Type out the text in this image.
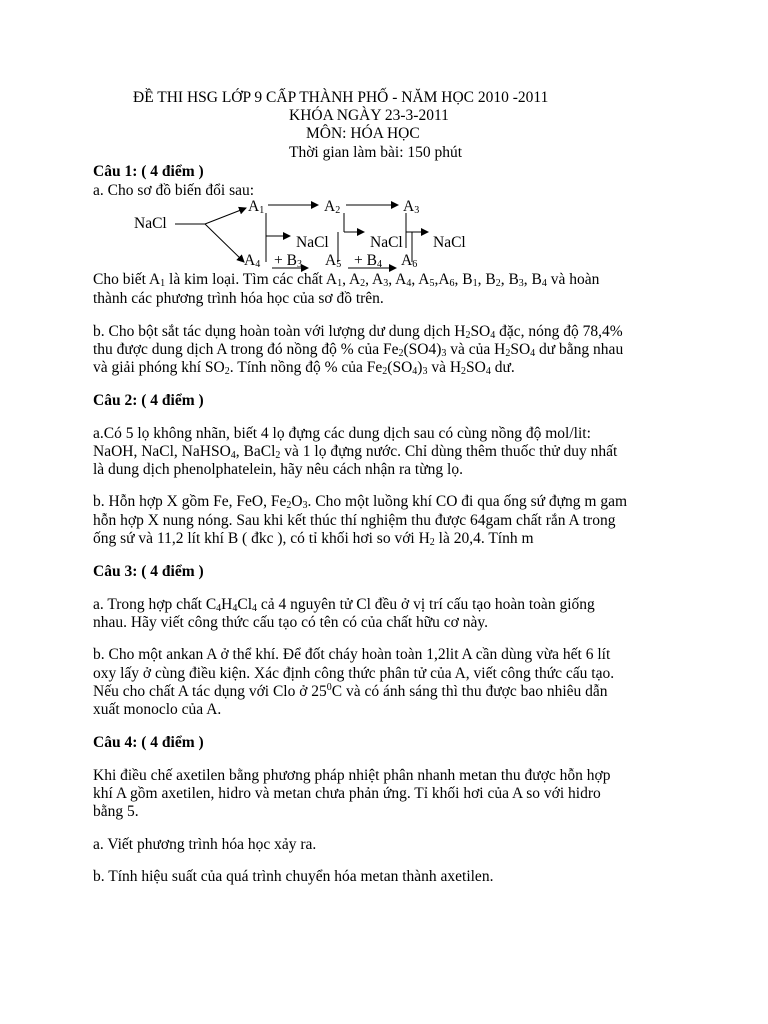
ĐỀ THI HSG LỚP 9 CẤP THÀNH PHỐ - NĂM HỌC 2010 -2011
KHÓA NGÀY 23-3-2011
MÔN: HÓA HỌC
Thời gian làm bài: 150 phút
Câu 1: ( 4 điểm )
a. Cho sơ đồ biến đổi sau:
NaCl
$A_1$	$A_2$	$A_3$
NaCl	NaCl NaCl
$A_4 + B_3$ $A_5 + B_4$ $A_6$
Cho biết $A_1$ là kim loại. Tìm các chất $A_1$, $A_2$, $A_3$, $A_4$, $A_5,A_6$, $B_1$, $B_2$, $B_3$, $B_4$ và hoàn
thành các phương trình hóa học của sơ đồ trên.
b. Cho bột sắt tác dụng hoàn toàn với lượng dư dung dịch $H_2SO_4$ đặc, nóng độ 78,4%
thu được dung dịch A trong đó nồng độ % của $Fe_2(SO4)_3$ và của $H_2SO_4$ dư bằng nhau
và giải phóng khí $SO_2$. Tính nồng độ % của $Fe_2(SO_4)_3$ và $H_2SO_4$ dư.
Câu 2: ( 4 điểm )
a.Có 5 lọ không nhãn, biết 4 lọ đựng các dung dịch sau có cùng nồng độ mol/lit:
NaOH, NaCl, NaHSO$_4$, BaCl$_2$ và 1 lọ đựng nước. Chỉ dùng thêm thuốc thử duy nhất
là dung dịch phenolphatelein, hãy nêu cách nhận ra từng lọ.
b. Hỗn hợp X gồm Fe, FeO, $Fe_2O_3$. Cho một luồng khí CO đi qua ống sứ đựng m gam
hỗn hợp X nung nóng. Sau khi kết thúc thí nghiệm thu được 64gam chất rắn A trong
ống sứ và 11,2 lít khí B ( đkc ), có tỉ khối hơi so với $H_2$ là 20,4. Tính m
Câu 3: ( 4 điểm )
a. Trong hợp chất $C_4H_4Cl_4$ cả 4 nguyên tử Cl đều ở vị trí cấu tạo hoàn toàn giống
nhau. Hãy viết công thức cấu tạo có tên có của chất hữu cơ này.
b. Cho một ankan A ở thể khí. Để đốt cháy hoàn toàn 1,2lit A cần dùng vừa hết 6 lít
oxy lấy ở cùng điều kiện. Xác định công thức phân tử của A, viết công thức cấu tạo.
Nếu cho chất A tác dụng với Clo ở $25^0C$ và có ánh sáng thì thu được bao nhiêu dẫn
xuất monoclo của A.
Câu 4: ( 4 điểm )
Khi điều chế axetilen bằng phương pháp nhiệt phân nhanh metan thu được hỗn hợp
khí A gồm axetilen, hidro và metan chưa phản ứng. Tỉ khối hơi của A so với hidro
bằng 5.
a. Viết phương trình hóa học xảy ra.
b. Tính hiệu suất của quá trình chuyển hóa metan thành axetilen.
